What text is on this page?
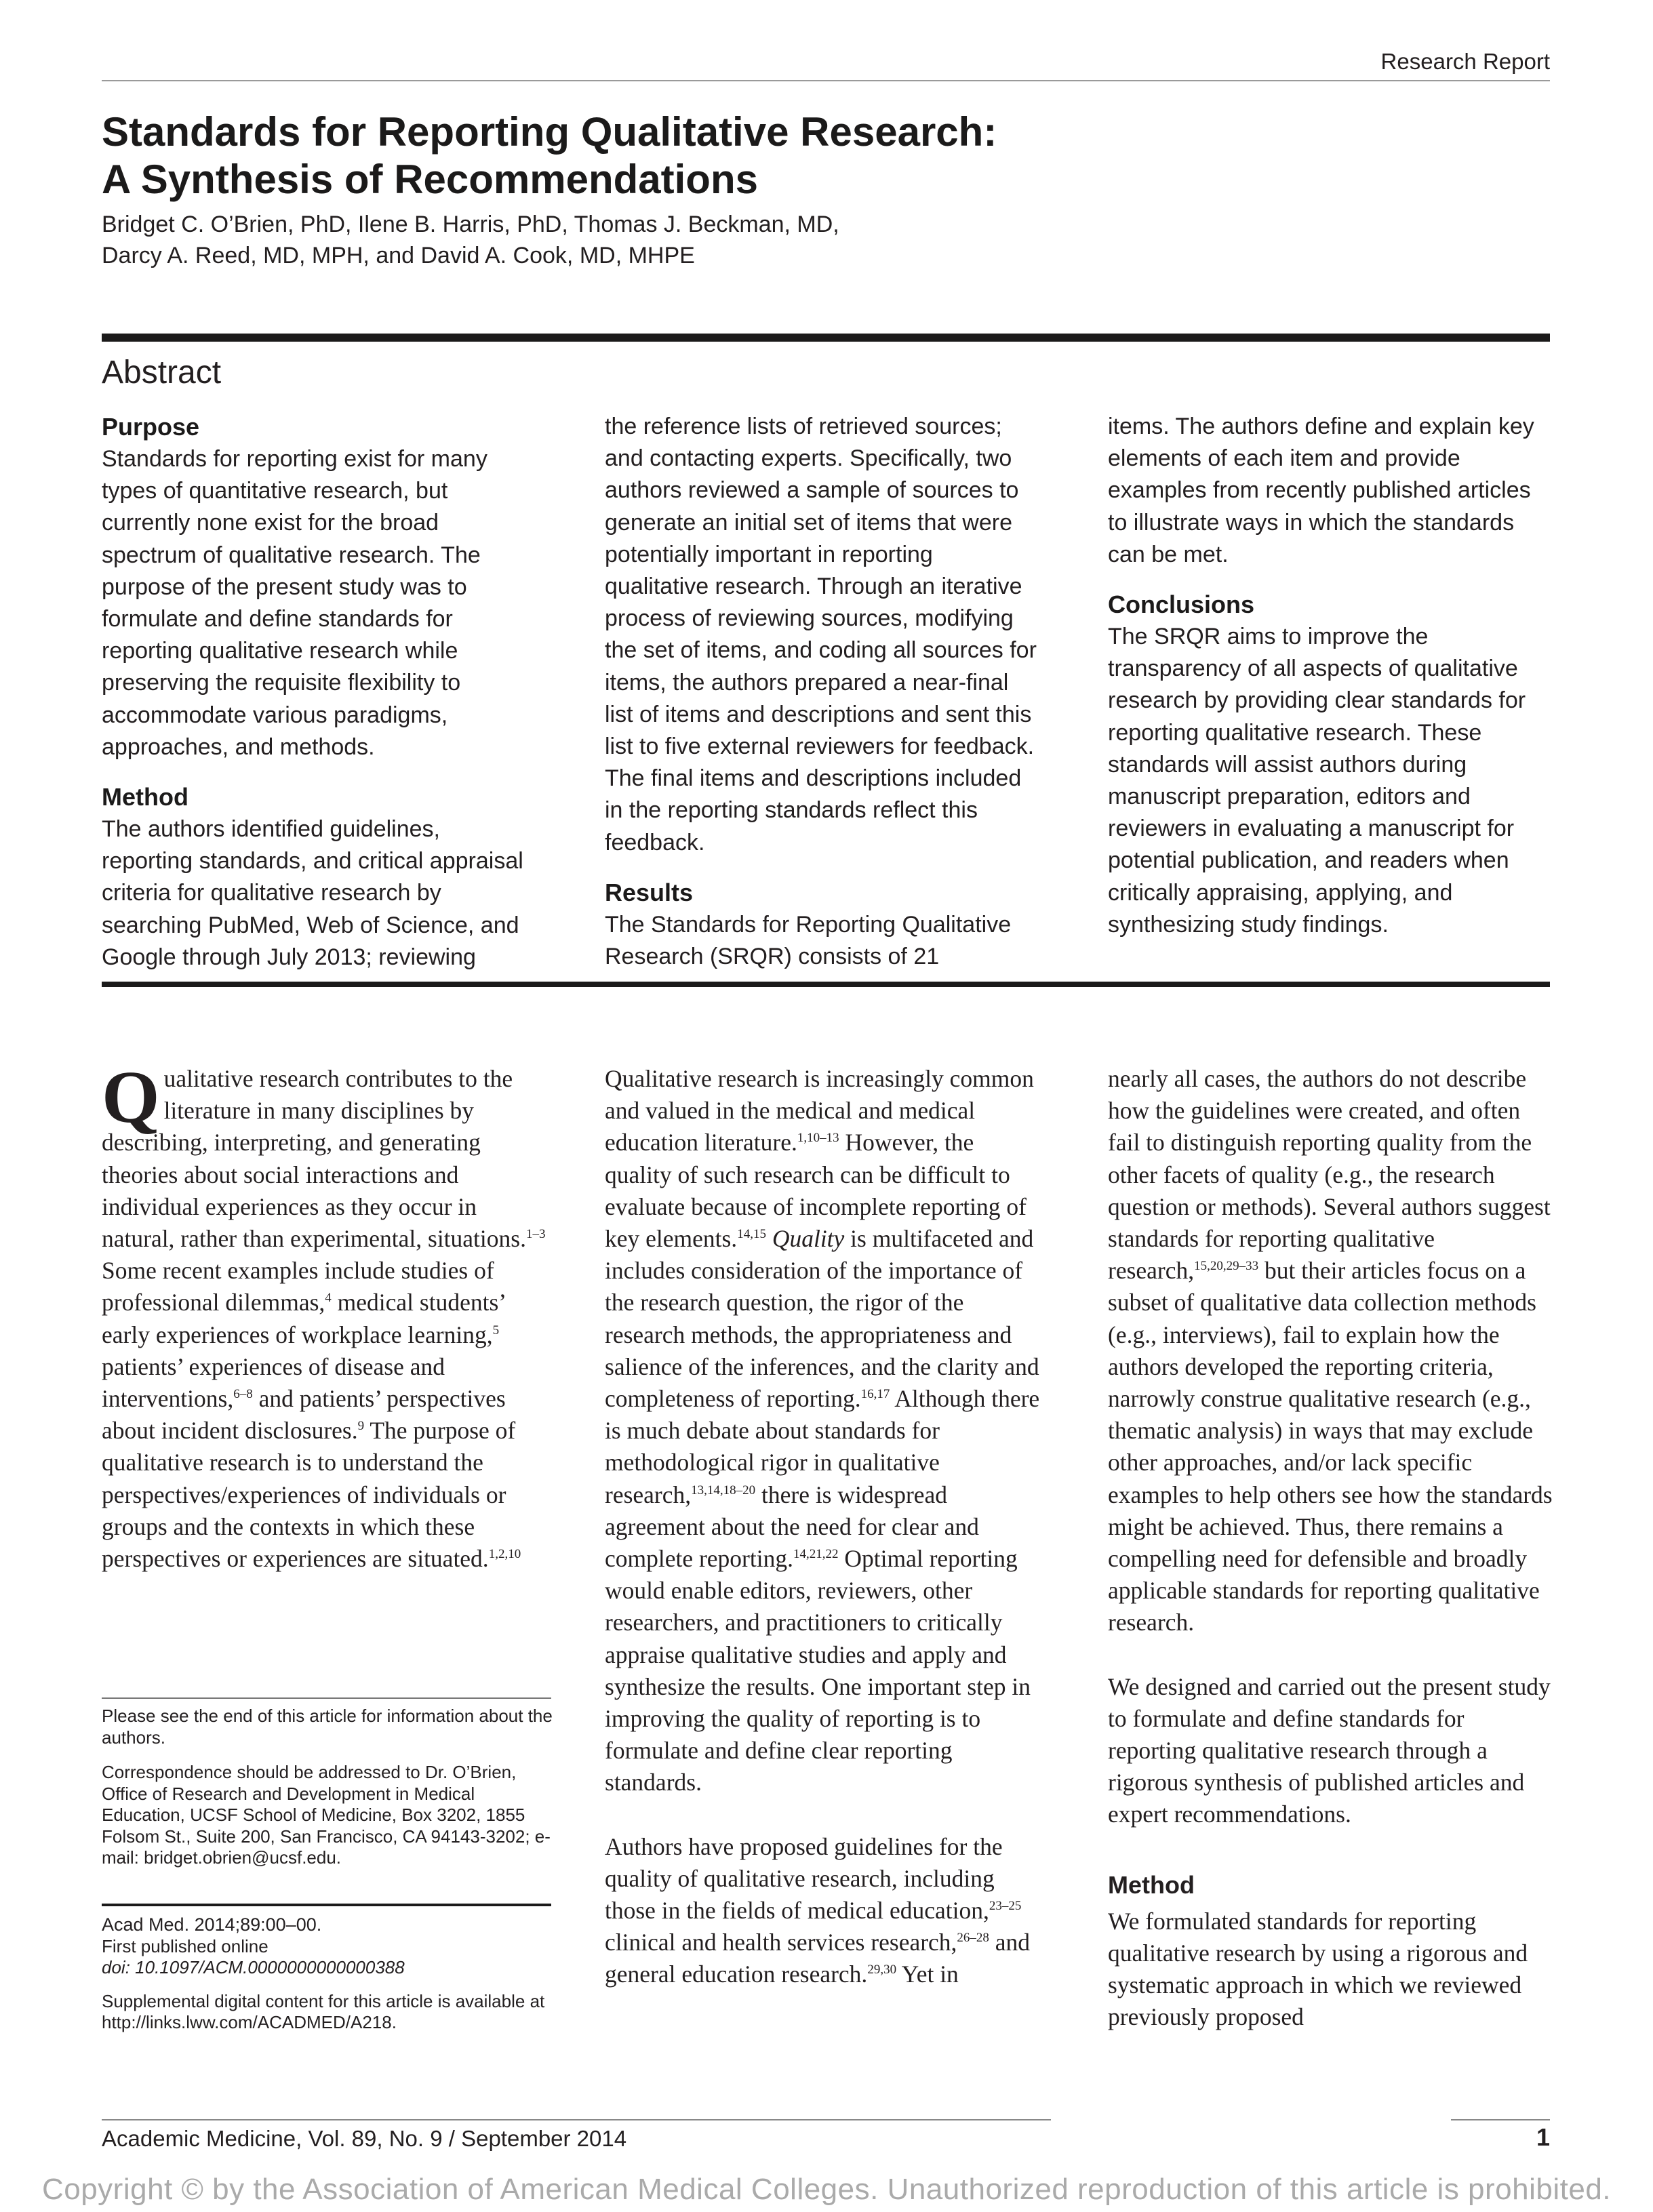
Research Report
Standards for Reporting Qualitative Research:
A Synthesis of Recommendations
Bridget C. O’Brien, PhD, Ilene B. Harris, PhD, Thomas J. Beckman, MD,
Darcy A. Reed, MD, MPH, and David A. Cook, MD, MHPE
Abstract
Purpose

Standards for reporting exist for many types of quantitative research, but currently none exist for the broad spectrum of qualitative research. The purpose of the present study was to formulate and define standards for reporting qualitative research while preserving the requisite flexibility to accommodate various paradigms, approaches, and methods.

Method

The authors identified guidelines, reporting standards, and critical appraisal criteria for qualitative research by searching PubMed, Web of Science, and Google through July 2013; reviewing

the reference lists of retrieved sources; and contacting experts. Specifically, two authors reviewed a sample of sources to generate an initial set of items that were potentially important in reporting qualitative research. Through an iterative process of reviewing sources, modifying the set of items, and coding all sources for items, the authors prepared a near-final list of items and descriptions and sent this list to five external reviewers for feedback. The final items and descriptions included in the reporting standards reflect this feedback.

Results

The Standards for Reporting Qualitative Research (SRQR) consists of 21

items. The authors define and explain key elements of each item and provide examples from recently published articles to illustrate ways in which the standards can be met.

Conclusions

The SRQR aims to improve the transparency of all aspects of qualitative research by providing clear standards for reporting qualitative research. These standards will assist authors during manuscript preparation, editors and reviewers in evaluating a manuscript for potential publication, and readers when critically appraising, applying, and synthesizing study findings.

Qualitative research contributes to the literature in many disciplines by describing, interpreting, and generating theories about social interactions and individual experiences as they occur in natural, rather than experimental, situations.$^{1-3}$ Some recent examples include studies of professional dilemmas,$^4$ medical students’ early experiences of workplace learning,$^5$ patients’ experiences of disease and interventions,$^{6-8}$ and patients’ perspectives about incident disclosures.$^9$ The purpose of qualitative research is to understand the perspectives/experiences of individuals or groups and the contexts in which these perspectives or experiences are situated.$^{1,2,10}$

Please see the end of this article for information about the authors.

Correspondence should be addressed to Dr. O’Brien, Office of Research and Development in Medical Education, UCSF School of Medicine, Box 3202, 1855 Folsom St., Suite 200, San Francisco, CA 94143-3202; e-mail: bridget.obrien@ucsf.edu.

Acad Med. 2014;89:00–00.
First published online
doi: 10.1097/ACM.0000000000000388

Supplemental digital content for this article is available at http://links.lww.com/ACADMED/A218.

Qualitative research is increasingly common and valued in the medical and medical education literature.$^{1,10-13}$ However, the quality of such research can be difficult to evaluate because of incomplete reporting of key elements.$^{14,15}$ Quality is multifaceted and includes consideration of the importance of the research question, the rigor of the research methods, the appropriateness and salience of the inferences, and the clarity and completeness of reporting.$^{16,17}$ Although there is much debate about standards for methodological rigor in qualitative research,$^{13,14,18-20}$ there is widespread agreement about the need for clear and complete reporting.$^{14,21,22}$ Optimal reporting would enable editors, reviewers, other researchers, and practitioners to critically appraise qualitative studies and apply and synthesize the results. One important step in improving the quality of reporting is to formulate and define clear reporting standards.

Authors have proposed guidelines for the quality of qualitative research, including those in the fields of medical education,$^{23-25}$ clinical and health services research,$^{26-28}$ and general education research.$^{29,30}$ Yet in

nearly all cases, the authors do not describe how the guidelines were created, and often fail to distinguish reporting quality from the other facets of quality (e.g., the research question or methods). Several authors suggest standards for reporting qualitative research,$^{15,20,29-33}$ but their articles focus on a subset of qualitative data collection methods (e.g., interviews), fail to explain how the authors developed the reporting criteria, narrowly construe qualitative research (e.g., thematic analysis) in ways that may exclude other approaches, and/or lack specific examples to help others see how the standards might be achieved. Thus, there remains a compelling need for defensible and broadly applicable standards for reporting qualitative research.

We designed and carried out the present study to formulate and define standards for reporting qualitative research through a rigorous synthesis of published articles and expert recommendations.

Method

We formulated standards for reporting qualitative research by using a rigorous and systematic approach in which we reviewed previously proposed

Academic Medicine, Vol. 89, No. 9 / September 2014	1
Copyright © by the Association of American Medical Colleges. Unauthorized reproduction of this article is prohibited.
